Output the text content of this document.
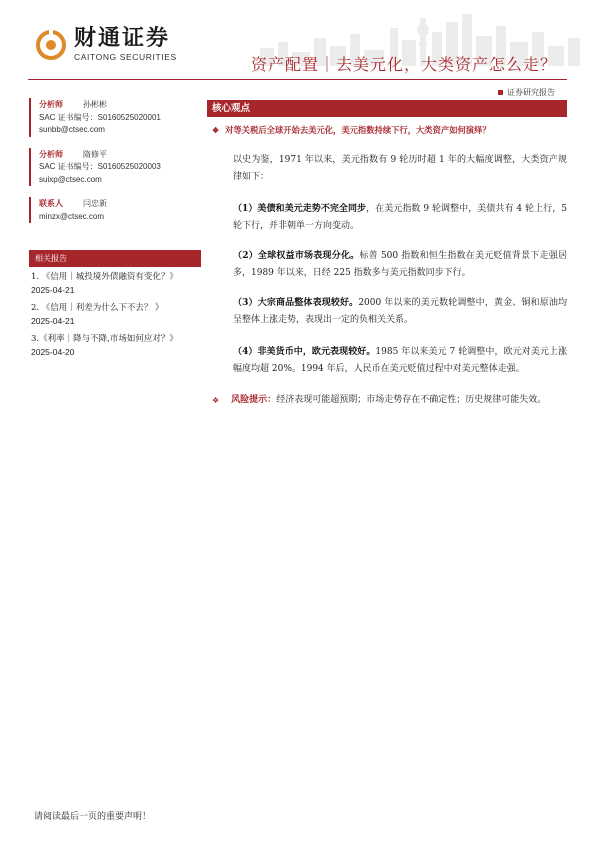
财通证券
CAITONG SECURITIES	资产配置｜去美元化，大类资产怎么走？
证券研究报告
分析师	孙彬彬
SAC 证书编号：S0160525020001
sunbb@ctsec.com
分析师	隋修平
SAC 证书编号：S0160525020003
suixp@ctsec.com
联系人	闫忠新
minzx@ctsec.com
相关报告
1. 《信用｜城投境外债融资有变化？》
2025-04-21
2. 《信用｜利差为什么下不去？ 》
2025-04-21
3.《利率｜降与不降,市场如何应对？》
2025-04-20
核心观点
❖ 对等关税后全球开始去美元化，美元指数持续下行，大类资产如何演绎？
以史为鉴，1971 年以来，美元指数有 9 轮历时超 1 年的大幅度调整，大类资产规律如下：
（1）美债和美元走势不完全同步，在美元指数 9 轮调整中，美债共有 4 轮上行，5 轮下行，并非朝单一方向变动。
（2）全球权益市场表现分化。标普 500 指数和恒生指数在美元贬值背景下走强居多，1989 年以来，日经 225 指数多与美元指数同步下行。
（3）大宗商品整体表现较好。2000 年以来的美元数轮调整中，黄金、铜和原油均呈整体上涨走势，表现出一定的负相关关系。
（4）非美货币中，欧元表现较好。1985 年以来美元 7 轮调整中，欧元对美元上涨幅度均超 20%。1994 年后，人民币在美元贬值过程中对美元整体走强。
❖ 风险提示：经济表现可能超预期；市场走势存在不确定性；历史规律可能失效。
请阅读最后一页的重要声明！
